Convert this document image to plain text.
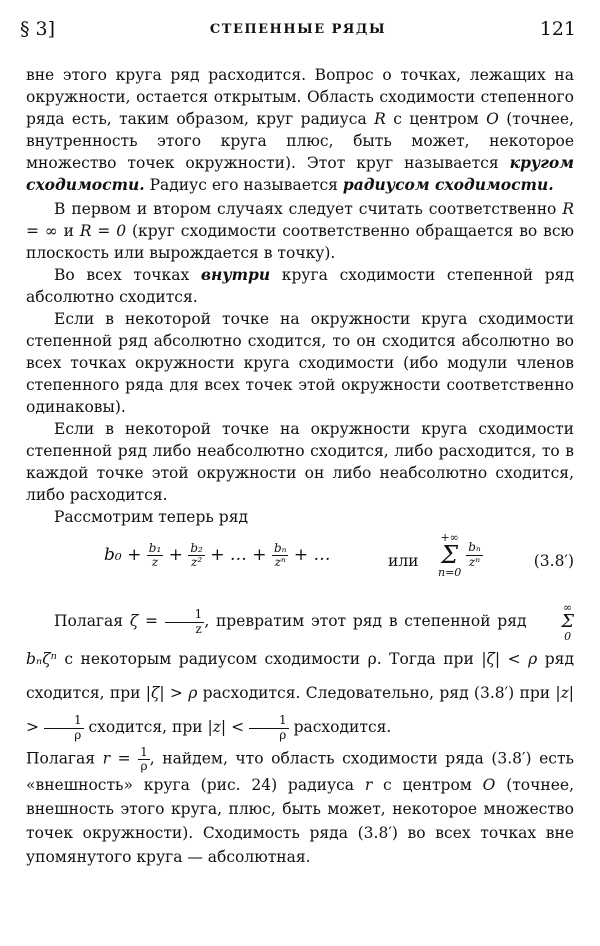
§ 3]	СТЕПЕННЫЕ РЯДЫ	121

вне этого круга ряд расходится. Вопрос о точках, лежащих на окружности, остается открытым. Область сходимости степенного ряда есть, таким образом, круг радиуса R с центром O (точнее, внутренность этого круга плюс, быть может, некоторое множество точек окружности). Этот круг называется кругом сходимости. Радиус его называется радиусом сходимости.

В первом и втором случаях следует считать соответственно R = ∞ и R = 0 (круг сходимости соответственно обращается во всю плоскость или вырождается в точку).

Во всех точках внутри круга сходимости степенной ряд абсолютно сходится.

Если в некоторой точке на окружности круга сходимости степенной ряд абсолютно сходится, то он сходится абсолютно во всех точках окружности круга сходимости (ибо модули членов степенного ряда для всех точек этой окружности соответственно одинаковы).

Если в некоторой точке на окружности круга сходимости степенной ряд либо неабсолютно сходится, либо расходится, то в каждой точке этой окружности он либо неабсолютно сходится, либо расходится.

Рассмотрим теперь ряд

$b_0 + \frac{\text{b₁}}{z} + \frac{\text{b₂}}{\text{z²}}$ + … + $\frac{\text{bₙ}}{\text{zⁿ}}$ + …	или
+∞
Σ
n=0

$\frac{\text{bₙ}}{\text{zⁿ}}$	(3.8′)

Полагая $\zeta = \frac{1}{z}$ , превратим этот ряд в степенной ряд
∞
Σ
0
bₙζⁿ с некоторым радиусом сходимости ρ. Тогда при |ζ| < ρ ряд сходится, при |ζ| > ρ расходится. Следовательно, ряд (3.8′) при $|z| > \frac{1}{\rho}$ сходится, при $|z| < \frac{1}{\rho}$ расходится.

Полагая $r = \frac{1}{\rho}$ , найдем, что область сходимости ряда (3.8′) есть «внешность» круга (рис. 24) радиуса r с центром O (точнее, внешность этого круга, плюс, быть может, некоторое множество точек окружности). Сходимость ряда (3.8′) во всех точках вне упомянутого круга — абсолютная.
